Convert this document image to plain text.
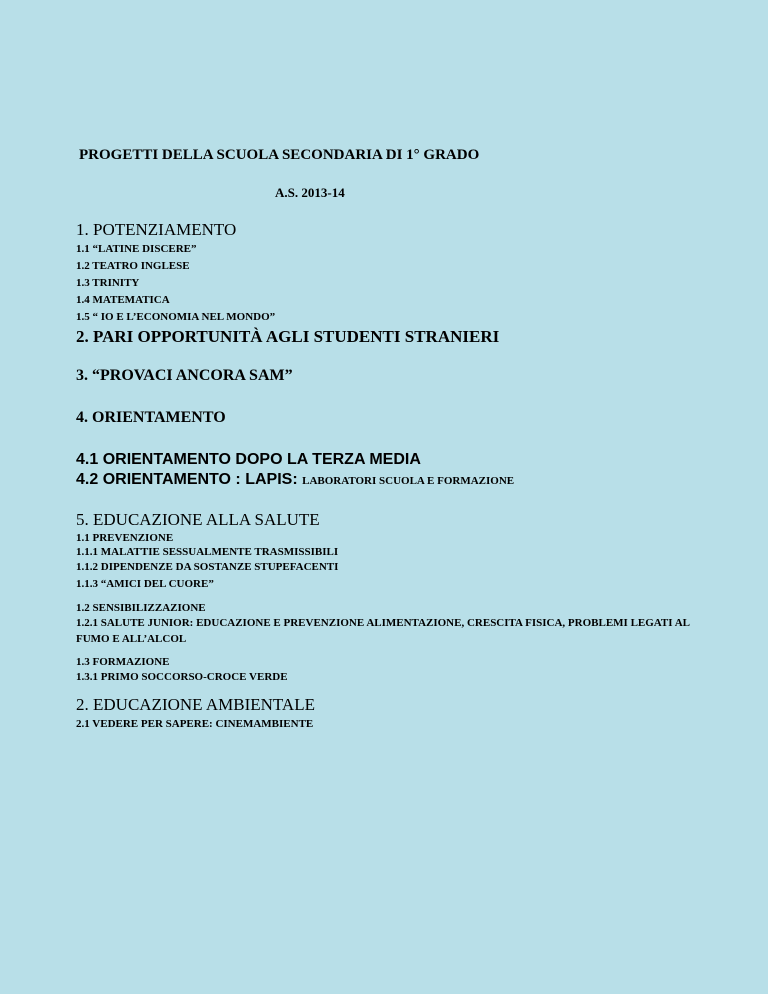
PROGETTI DELLA SCUOLA SECONDARIA DI 1° GRADO
A.S. 2013-14

1. POTENZIAMENTO

1.1 “LATINE DISCERE”

1.2 TEATRO INGLESE

1.3 TRINITY

1.4 MATEMATICA

1.5 “ IO E L’ECONOMIA NEL MONDO”

2. PARI OPPORTUNITÀ AGLI STUDENTI STRANIERI

3. “PROVACI ANCORA SAM”

4. ORIENTAMENTO

4.1 ORIENTAMENTO DOPO LA TERZA MEDIA

4.2 ORIENTAMENTO : LAPIS: LABORATORI SCUOLA E FORMAZIONE

5. EDUCAZIONE ALLA SALUTE

1.1 PREVENZIONE

1.1.1 MALATTIE SESSUALMENTE TRASMISSIBILI

1.1.2 DIPENDENZE DA SOSTANZE STUPEFACENTI

1.1.3 “AMICI DEL CUORE”

1.2 SENSIBILIZZAZIONE

1.2.1 SALUTE JUNIOR: EDUCAZIONE E PREVENZIONE ALIMENTAZIONE, CRESCITA FISICA, PROBLEMI LEGATI AL FUMO E ALL’ALCOL

1.3 FORMAZIONE

1.3.1 PRIMO SOCCORSO-CROCE VERDE

2. EDUCAZIONE AMBIENTALE

2.1 VEDERE PER SAPERE: CINEMAMBIENTE
